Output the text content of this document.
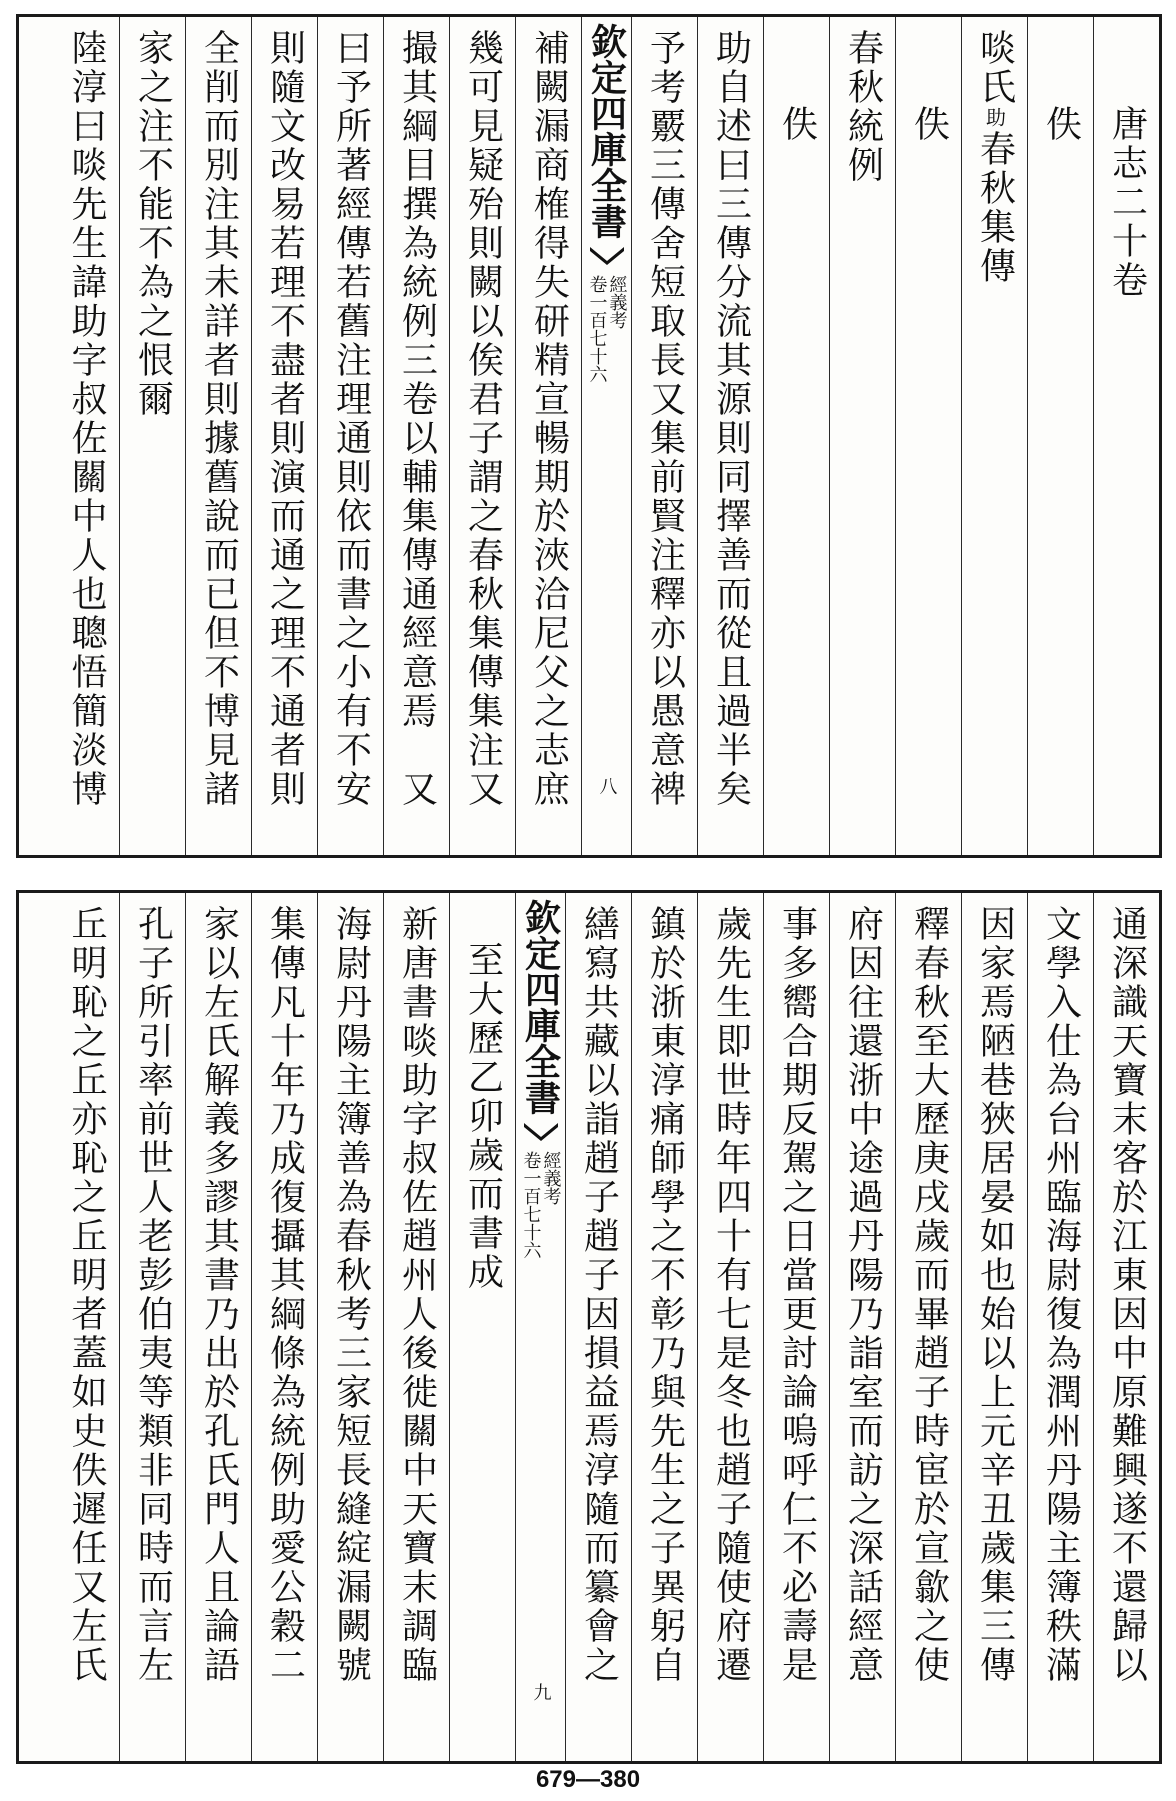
唐志二十卷
佚
啖氏助春秋集傳
佚
春秋統例
佚
助自述曰三傳分流其源則同擇善而從且過半矣
予考覈三傳舍短取長又集前賢注釋亦以愚意裨
欽定四庫全書
經義考
卷一百七十六
八
補闕漏商榷得失研精宣暢期於浹洽尼父之志庶
幾可見疑殆則闕以俟君子謂之春秋集傳集注又
撮其綱目撰為統例三卷以輔集傳通經意焉　又
曰予所著經傳若舊注理通則依而書之小有不安
則隨文改易若理不盡者則演而通之理不通者則
全削而別注其未詳者則據舊說而已但不博見諸
家之注不能不為之恨爾
陸淳曰啖先生諱助字叔佐關中人也聰悟簡淡博
通深識天寶末客於江東因中原難興遂不還歸以
文學入仕為台州臨海尉復為潤州丹陽主簿秩滿
因家焉陋巷狹居晏如也始以上元辛丑歲集三傳
釋春秋至大歷庚戌歲而畢趙子時宦於宣歙之使
府因往還浙中途過丹陽乃詣室而訪之深話經意
事多嚮合期反駕之日當更討論嗚呼仁不必壽是
歲先生即世時年四十有七是冬也趙子隨使府遷
鎮於浙東淳痛師學之不彰乃與先生之子異躬自
繕寫共藏以詣趙子趙子因損益焉淳隨而纂會之
欽定四庫全書
經義考
卷一百七十六
九
至大歷乙卯歲而書成
新唐書啖助字叔佐趙州人後徙關中天寶末調臨
海尉丹陽主簿善為春秋考三家短長縫綻漏闕號
集傳凡十年乃成復攝其綱條為統例助愛公穀二
家以左氏解義多謬其書乃出於孔氏門人且論語
孔子所引率前世人老彭伯夷等類非同時而言左
丘明恥之丘亦恥之丘明者蓋如史佚遲任又左氏
679—380
